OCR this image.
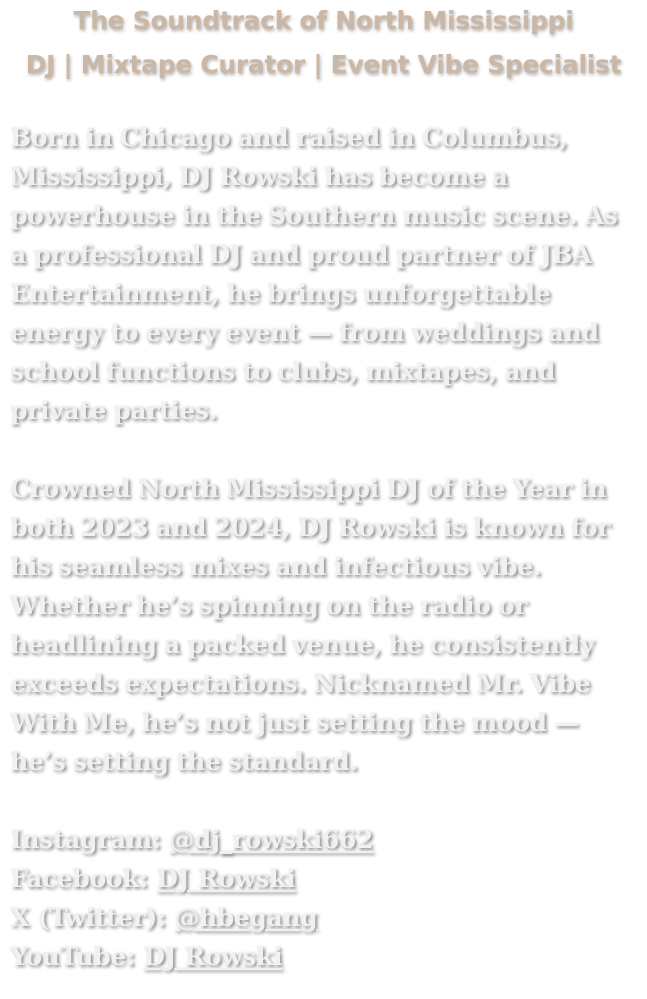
The Soundtrack of North Mississippi
DJ | Mixtape Curator | Event Vibe Specialist

Born in Chicago and raised in Columbus, Mississippi, DJ Rowski has become a powerhouse in the Southern music scene. As a professional DJ and proud partner of JBA Entertainment, he brings unforgettable energy to every event — from weddings and school functions to clubs, mixtapes, and private parties.

Crowned North Mississippi DJ of the Year in both 2023 and 2024, DJ Rowski is known for his seamless mixes and infectious vibe. Whether he’s spinning on the radio or headlining a packed venue, he consistently exceeds expectations. Nicknamed Mr. Vibe With Me, he’s not just setting the mood — he’s setting the standard.

Instagram: @dj_rowski662
Facebook: DJ Rowski
X (Twitter): @hbegang
YouTube: DJ Rowski
